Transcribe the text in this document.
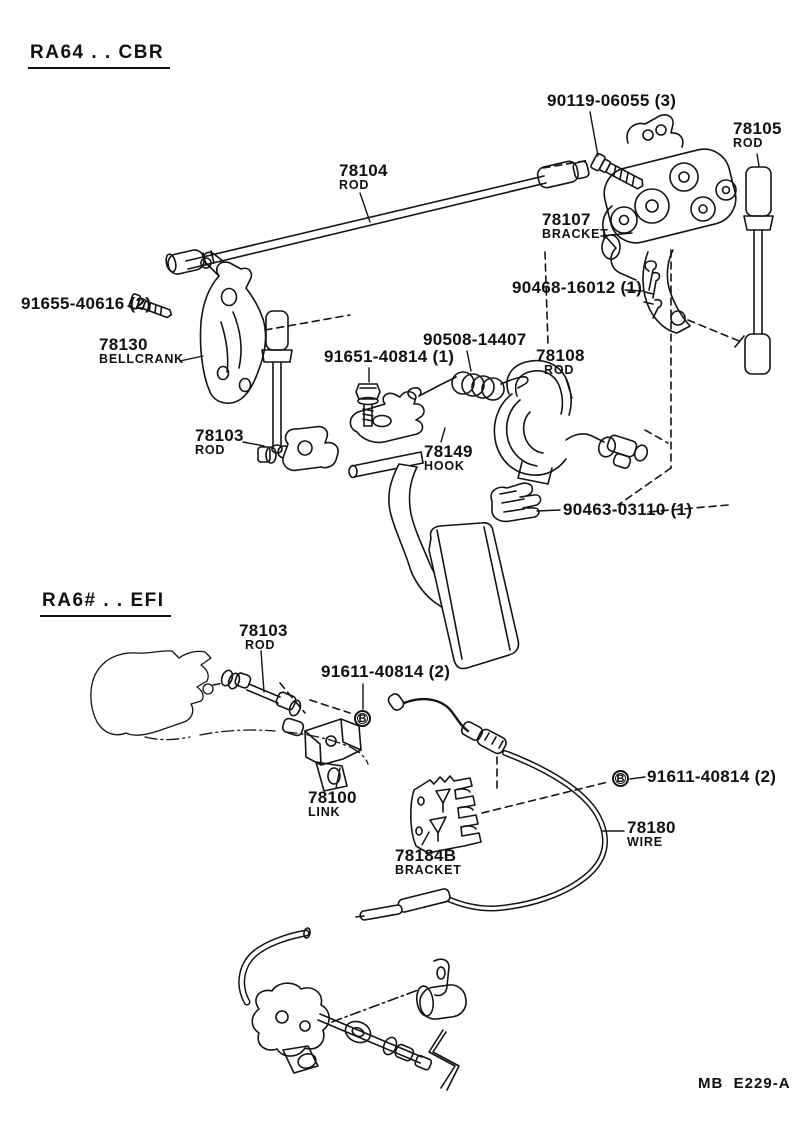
RA64 . . CBR
RA6# . . EFI
90119-06055 (3)
78105
ROD
78104
ROD
78107
BRACKET
90468-16012 (1)
91655-40616 (2)
78130
BELLCRANK
90508-14407
91651-40814 (1)	78108
ROD
78103
ROD	78149
HOOK
90463-03110 (1)
78103
ROD
91611-40814 (2)
78100
LINK
78184B
BRACKET
91611-40814 (2)
78180
WIRE
B
B
MB  E229-A
